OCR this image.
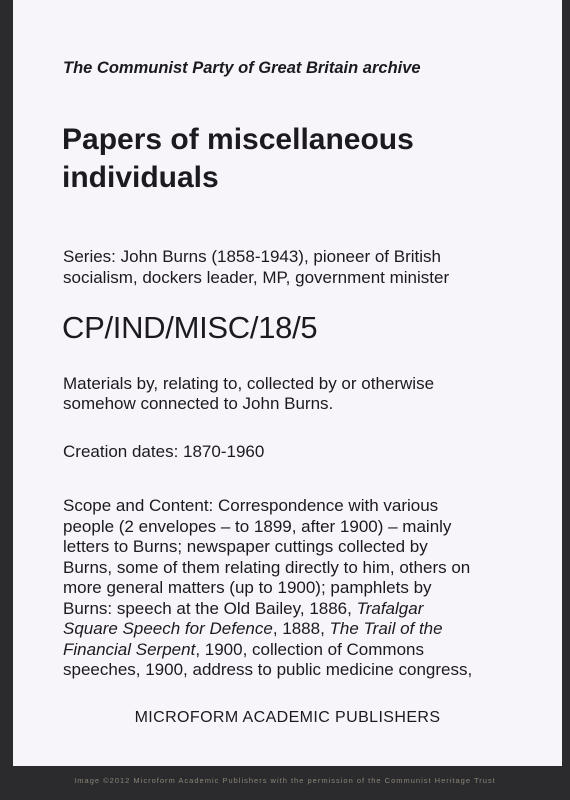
The Communist Party of Great Britain archive
Papers of miscellaneous
individuals
Series: John Burns (1858-1943), pioneer of British
socialism, dockers leader, MP, government minister
CP/IND/MISC/18/5
Materials by, relating to, collected by or otherwise
somehow connected to John Burns.
Creation dates: 1870-1960
Scope and Content: Correspondence with various
people (2 envelopes – to 1899, after 1900) – mainly
letters to Burns; newspaper cuttings collected by
Burns, some of them relating directly to him, others on
more general matters (up to 1900); pamphlets by
Burns: speech at the Old Bailey, 1886, Trafalgar
Square Speech for Defence, 1888, The Trail of the
Financial Serpent, 1900, collection of Commons
speeches, 1900, address to public medicine congress,
MICROFORM ACADEMIC PUBLISHERS
Image ©2012 Microform Academic Publishers with the permission of the Communist Heritage Trust
